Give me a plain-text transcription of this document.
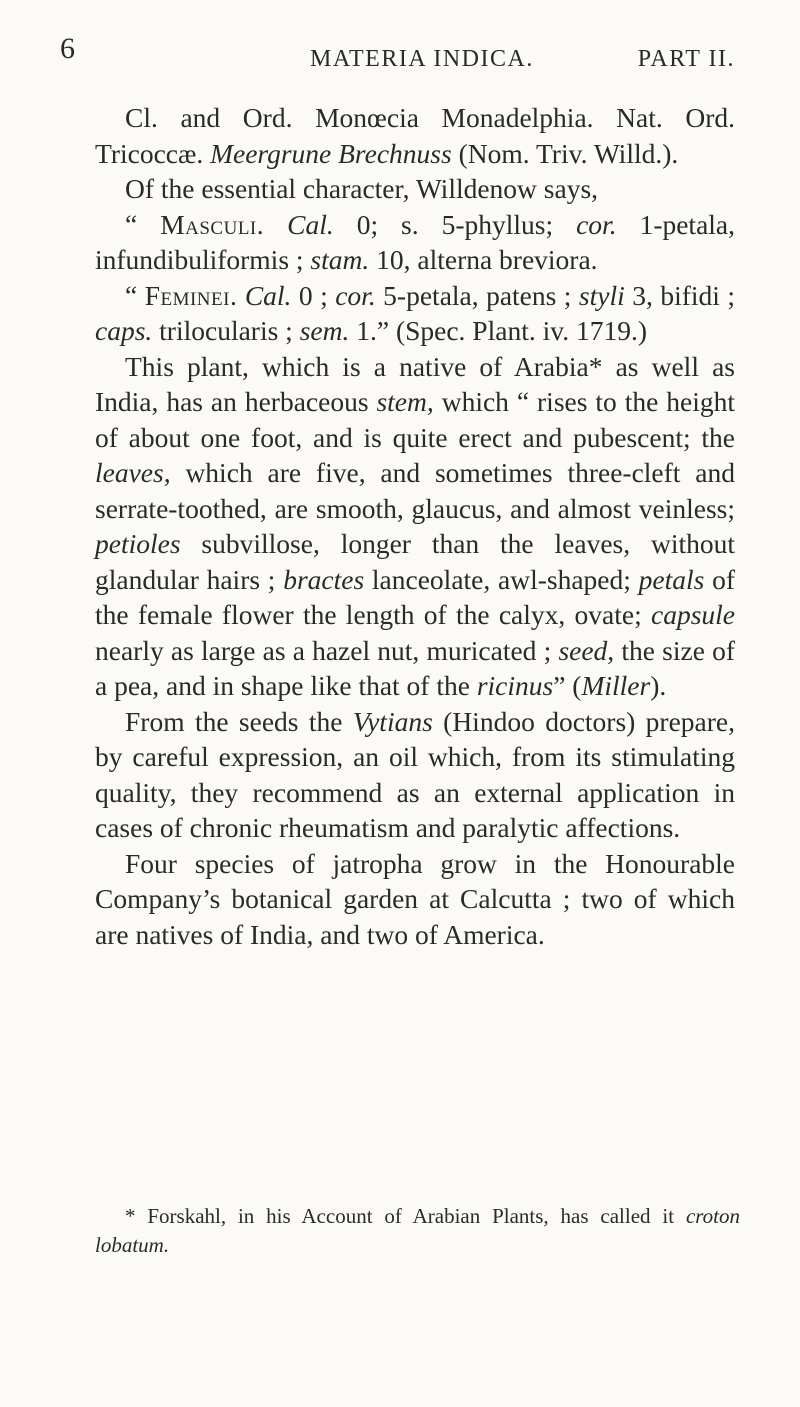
6	MATERIA INDICA.	PART II.

Cl. and Ord. Monœcia Monadelphia. Nat. Ord. Tricoccæ. Meergrune Brechnuss (Nom. Triv. Willd.).

Of the essential character, Willdenow says,

“ Masculi. Cal. 0; s. 5-phyllus; cor. 1-petala, infundibuliformis ; stam. 10, alterna breviora.

“ Feminei. Cal. 0 ; cor. 5-petala, patens ; styli 3, bifidi ; caps. trilocularis ; sem. 1.” (Spec. Plant. iv. 1719.)

This plant, which is a native of Arabia* as well as India, has an herbaceous stem, which “ rises to the height of about one foot, and is quite erect and pubescent; the leaves, which are five, and sometimes three-cleft and serrate-toothed, are smooth, glaucus, and almost veinless; petioles subvillose, longer than the leaves, without glandular hairs ; bractes lanceolate, awl-shaped; petals of the female flower the length of the calyx, ovate; capsule nearly as large as a hazel nut, muricated ; seed, the size of a pea, and in shape like that of the ricinus” (Miller).

From the seeds the Vytians (Hindoo doctors) prepare, by careful expression, an oil which, from its stimulating quality, they recommend as an external application in cases of chronic rheumatism and paralytic affections.

Four species of jatropha grow in the Honourable Company’s botanical garden at Calcutta ; two of which are natives of India, and two of America.

* Forskahl, in his Account of Arabian Plants, has called it croton lobatum.
